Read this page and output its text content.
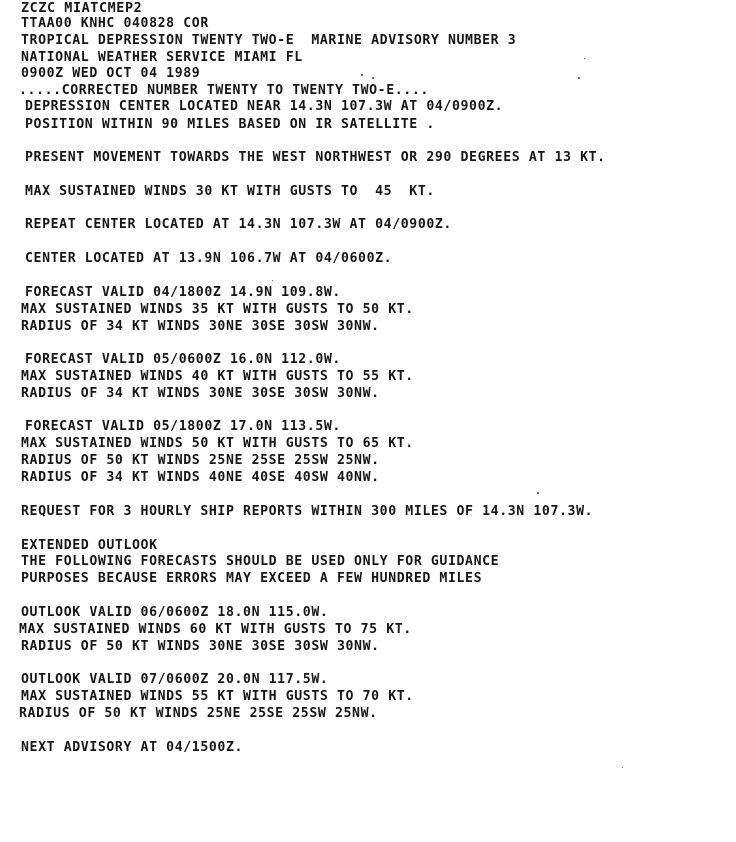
ZCZC MIATCMEP2
TTAA00 KNHC 040828 COR
TROPICAL DEPRESSION TWENTY TWO-E  MARINE ADVISORY NUMBER 3
NATIONAL WEATHER SERVICE MIAMI FL
0900Z WED OCT 04 1989
.....CORRECTED NUMBER TWENTY TO TWENTY TWO-E....
DEPRESSION CENTER LOCATED NEAR 14.3N 107.3W AT 04/0900Z.
POSITION WITHIN 90 MILES BASED ON IR SATELLITE .
PRESENT MOVEMENT TOWARDS THE WEST NORTHWEST OR 290 DEGREES AT 13 KT.
MAX SUSTAINED WINDS 30 KT WITH GUSTS TO  45  KT.
REPEAT CENTER LOCATED AT 14.3N 107.3W AT 04/0900Z.
CENTER LOCATED AT 13.9N 106.7W AT 04/0600Z.
FORECAST VALID 04/1800Z 14.9N 109.8W.
MAX SUSTAINED WINDS 35 KT WITH GUSTS TO 50 KT.
RADIUS OF 34 KT WINDS 30NE 30SE 30SW 30NW.
FORECAST VALID 05/0600Z 16.0N 112.0W.
MAX SUSTAINED WINDS 40 KT WITH GUSTS TO 55 KT.
RADIUS OF 34 KT WINDS 30NE 30SE 30SW 30NW.
FORECAST VALID 05/1800Z 17.0N 113.5W.
MAX SUSTAINED WINDS 50 KT WITH GUSTS TO 65 KT.
RADIUS OF 50 KT WINDS 25NE 25SE 25SW 25NW.
RADIUS OF 34 KT WINDS 40NE 40SE 40SW 40NW.
REQUEST FOR 3 HOURLY SHIP REPORTS WITHIN 300 MILES OF 14.3N 107.3W.
EXTENDED OUTLOOK
THE FOLLOWING FORECASTS SHOULD BE USED ONLY FOR GUIDANCE
PURPOSES BECAUSE ERRORS MAY EXCEED A FEW HUNDRED MILES
OUTLOOK VALID 06/0600Z 18.0N 115.0W.
MAX SUSTAINED WINDS 60 KT WITH GUSTS TO 75 KT.
RADIUS OF 50 KT WINDS 30NE 30SE 30SW 30NW.
OUTLOOK VALID 07/0600Z 20.0N 117.5W.
MAX SUSTAINED WINDS 55 KT WITH GUSTS TO 70 KT.
RADIUS OF 50 KT WINDS 25NE 25SE 25SW 25NW.
NEXT ADVISORY AT 04/1500Z.
